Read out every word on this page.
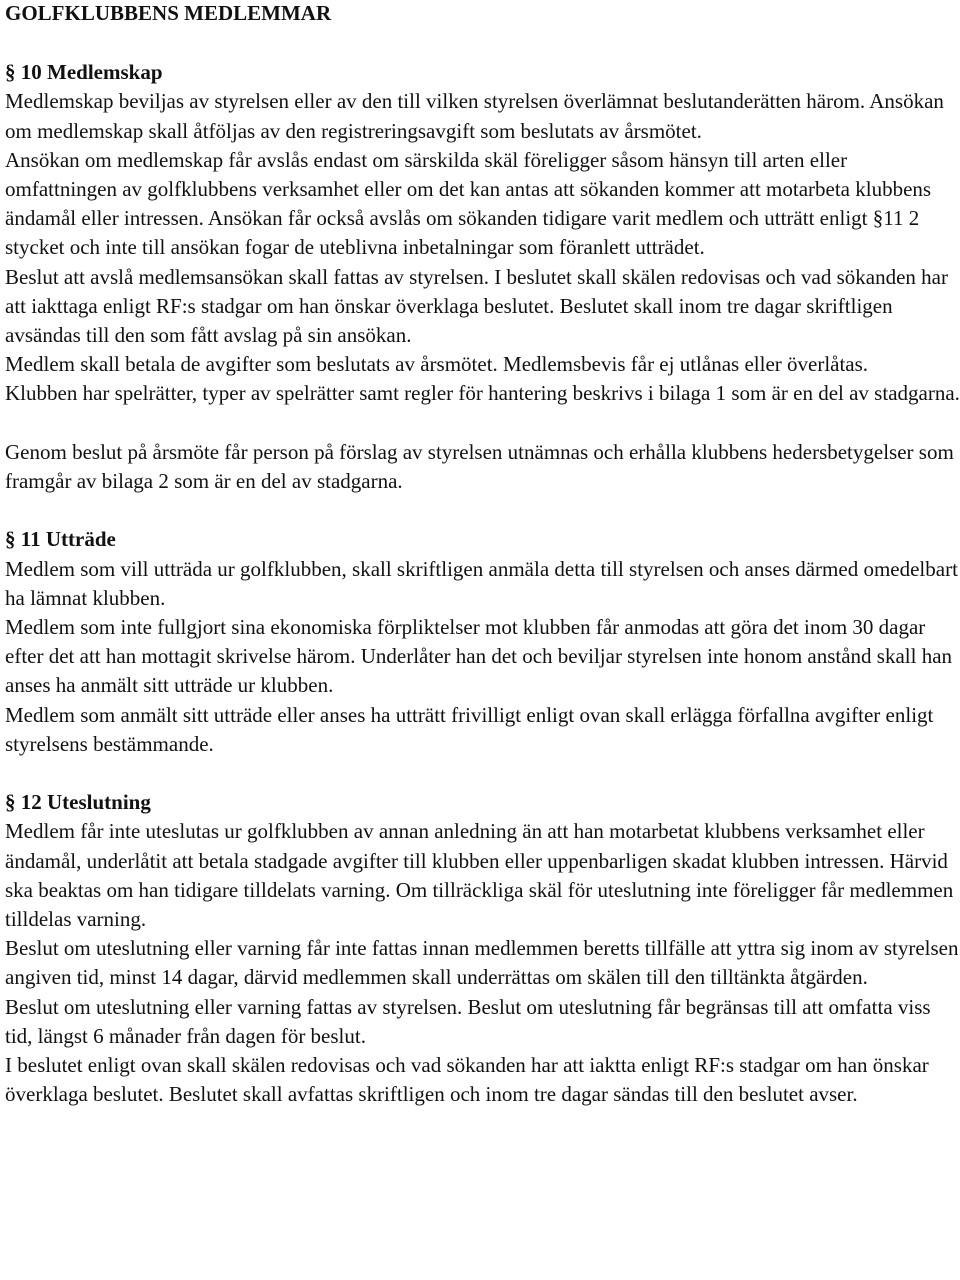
GOLFKLUBBENS MEDLEMMAR
§ 10 Medlemskap

Medlemskap beviljas av styrelsen eller av den till vilken styrelsen överlämnat beslutanderätten härom. Ansökan om medlemskap skall åtföljas av den registreringsavgift som beslutats av årsmötet.

Ansökan om medlemskap får avslås endast om särskilda skäl föreligger såsom hänsyn till arten eller omfattningen av golfklubbens verksamhet eller om det kan antas att sökanden kommer att motarbeta klubbens ändamål eller intressen. Ansökan får också avslås om sökanden tidigare varit medlem och utträtt enligt §11 2 stycket och inte till ansökan fogar de uteblivna inbetalningar som föranlett utträdet.

Beslut att avslå medlemsansökan skall fattas av styrelsen. I beslutet skall skälen redovisas och vad sökanden har att iakttaga enligt RF:s stadgar om han önskar överklaga beslutet. Beslutet skall inom tre dagar skriftligen avsändas till den som fått avslag på sin ansökan.

Medlem skall betala de avgifter som beslutats av årsmötet. Medlemsbevis får ej utlånas eller överlåtas.

Klubben har spelrätter, typer av spelrätter samt regler för hantering beskrivs i bilaga 1 som är en del av stadgarna.

Genom beslut på årsmöte får person på förslag av styrelsen utnämnas och erhålla klubbens hedersbetygelser som framgår av bilaga 2 som är en del av stadgarna.

§ 11 Utträde

Medlem som vill utträda ur golfklubben, skall skriftligen anmäla detta till styrelsen och anses därmed omedelbart ha lämnat klubben.

Medlem som inte fullgjort sina ekonomiska förpliktelser mot klubben får anmodas att göra det inom 30 dagar efter det att han mottagit skrivelse härom. Underlåter han det och beviljar styrelsen inte honom anstånd skall han anses ha anmält sitt utträde ur klubben.

Medlem som anmält sitt utträde eller anses ha utträtt frivilligt enligt ovan skall erlägga förfallna avgifter enligt styrelsens bestämmande.

§ 12 Uteslutning

Medlem får inte uteslutas ur golfklubben av annan anledning än att han motarbetat klubbens verksamhet eller ändamål, underlåtit att betala stadgade avgifter till klubben eller uppenbarligen skadat klubben intressen. Härvid ska beaktas om han tidigare tilldelats varning. Om tillräckliga skäl för uteslutning inte föreligger får medlemmen tilldelas varning.

Beslut om uteslutning eller varning får inte fattas innan medlemmen beretts tillfälle att yttra sig inom av styrelsen angiven tid, minst 14 dagar, därvid medlemmen skall underrättas om skälen till den tilltänkta åtgärden.

Beslut om uteslutning eller varning fattas av styrelsen. Beslut om uteslutning får begränsas till att omfatta viss tid, längst 6 månader från dagen för beslut.

I beslutet enligt ovan skall skälen redovisas och vad sökanden har att iaktta enligt RF:s stadgar om han önskar överklaga beslutet. Beslutet skall avfattas skriftligen och inom tre dagar sändas till den beslutet avser.
